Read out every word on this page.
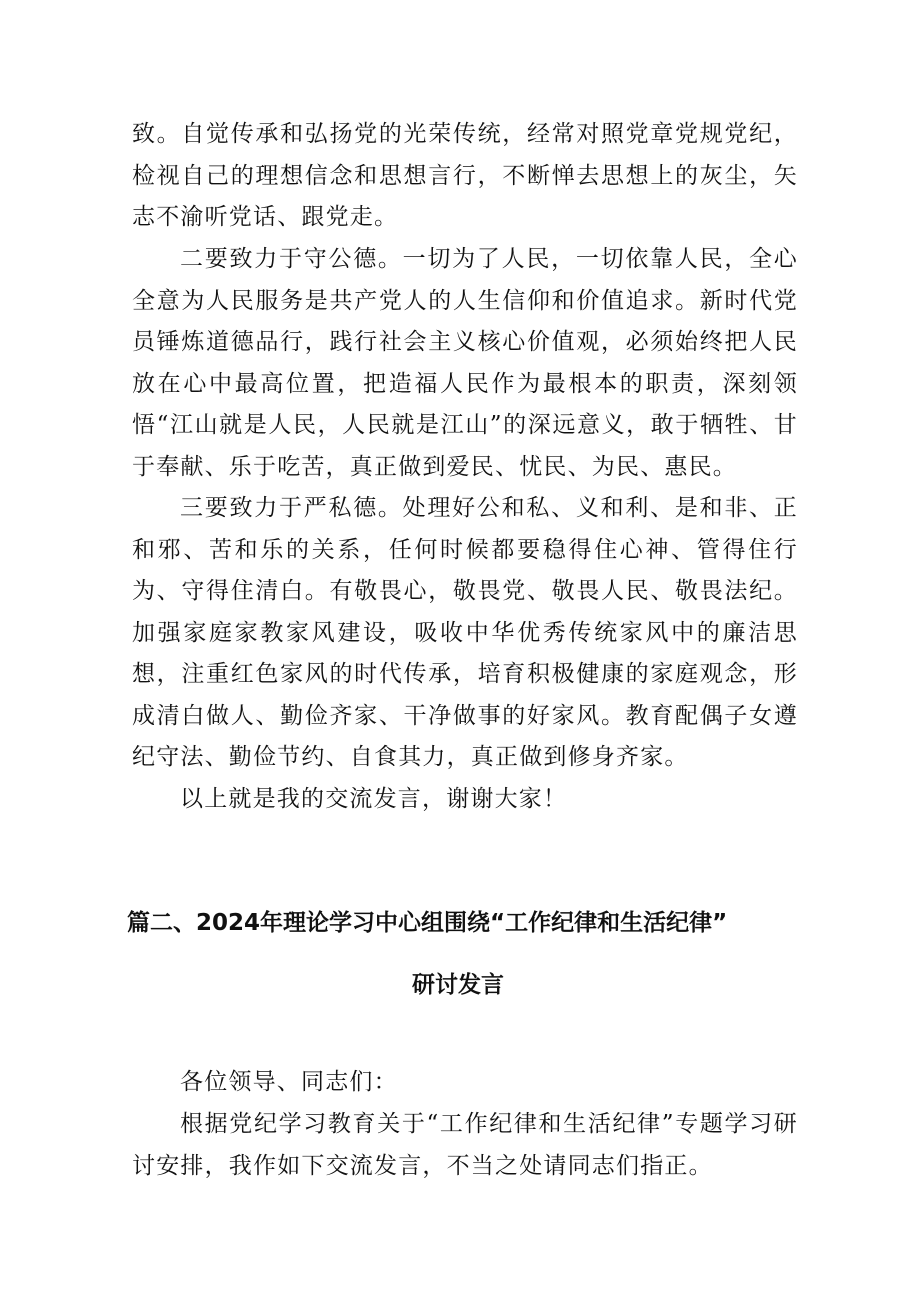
致。自觉传承和弘扬党的光荣传统，经常对照党章党规党纪，检视自己的理想信念和思想言行，不断惮去思想上的灰尘，矢志不渝听党话、跟党走。

二要致力于守公德。一切为了人民，一切依靠人民，全心全意为人民服务是共产党人的人生信仰和价值追求。新时代党员锤炼道德品行，践行社会主义核心价值观，必须始终把人民放在心中最高位置，把造福人民作为最根本的职责，深刻领悟“江山就是人民，人民就是江山”的深远意义，敢于牺牲、甘于奉献、乐于吃苦，真正做到爱民、忧民、为民、惠民。

三要致力于严私德。处理好公和私、义和利、是和非、正和邪、苦和乐的关系，任何时候都要稳得住心神、管得住行为、守得住清白。有敬畏心，敬畏党、敬畏人民、敬畏法纪。加强家庭家教家风建设，吸收中华优秀传统家风中的廉洁思想，注重红色家风的时代传承，培育积极健康的家庭观念，形成清白做人、勤俭齐家、干净做事的好家风。教育配偶子女遵纪守法、勤俭节约、自食其力，真正做到修身齐家。

以上就是我的交流发言，谢谢大家！

篇二、2024年理论学习中心组围绕“工作纪律和生活纪律”
研讨发言

各位领导、同志们：

根据党纪学习教育关于“工作纪律和生活纪律”专题学习研讨安排，我作如下交流发言，不当之处请同志们指正。
